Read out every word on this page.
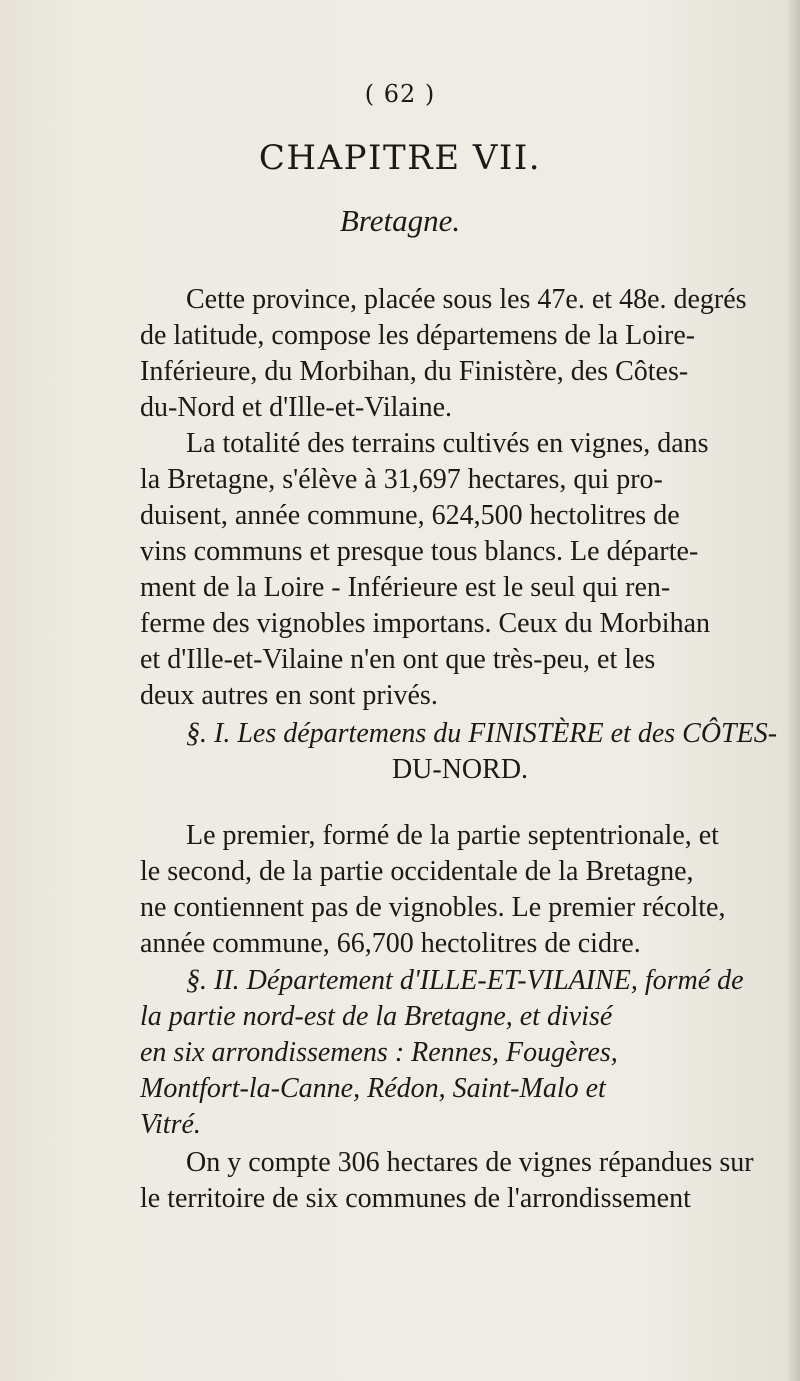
( 62 )
CHAPITRE VII.
Bretagne.
Cette province, placée sous les 47e. et 48e. degrés
de latitude, compose les départemens de la Loire-
Inférieure, du Morbihan, du Finistère, des Côtes-
du-Nord et d'Ille-et-Vilaine.
La totalité des terrains cultivés en vignes, dans
la Bretagne, s'élève à 31,697 hectares, qui pro-
duisent, année commune, 624,500 hectolitres de
vins communs et presque tous blancs. Le départe-
ment de la Loire - Inférieure est le seul qui ren-
ferme des vignobles importans. Ceux du Morbihan
et d'Ille-et-Vilaine n'en ont que très-peu, et les
deux autres en sont privés.
§. I. Les départemens du FINISTÈRE et des CÔTES-
DU-NORD.
Le premier, formé de la partie septentrionale, et
le second, de la partie occidentale de la Bretagne,
ne contiennent pas de vignobles. Le premier récolte,
année commune, 66,700 hectolitres de cidre.
§. II. Département d'ILLE-ET-VILAINE, formé de
la partie nord-est de la Bretagne, et divisé
en six arrondissemens : Rennes, Fougères,
Montfort-la-Canne, Rédon, Saint-Malo et
Vitré.
On y compte 306 hectares de vignes répandues sur
le territoire de six communes de l'arrondissement
